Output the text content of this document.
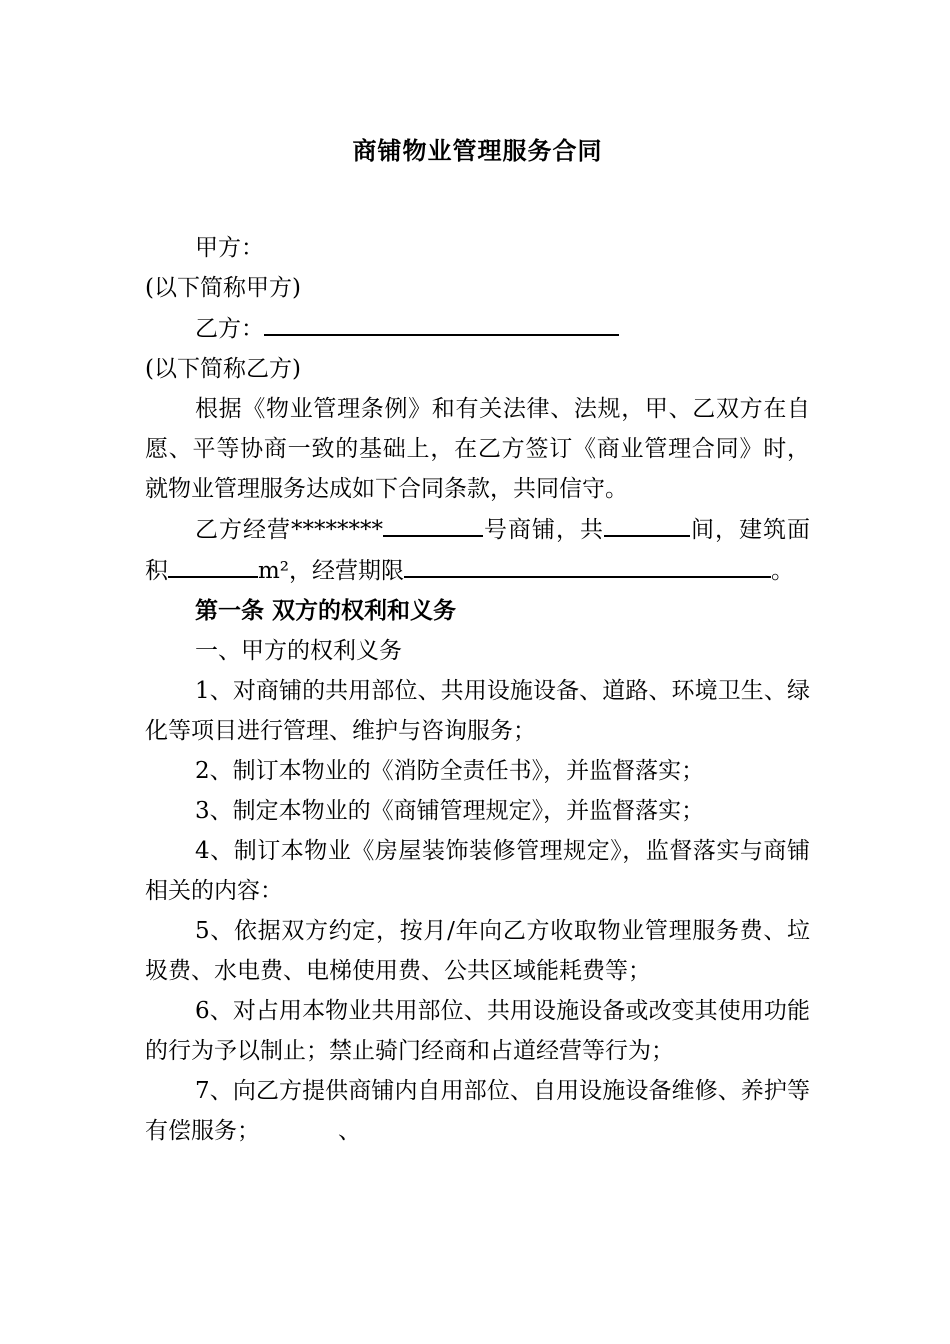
商铺物业管理服务合同

甲方：

(以下简称甲方)

乙方：

(以下简称乙方)

根据《物业管理条例》和有关法律、法规，甲、乙双方在自愿、平等协商一致的基础上，在乙方签订《商业管理合同》时，就物业管理服务达成如下合同条款，共同信守。

乙方经营********	号商铺，共	间，建筑面积	m²，经营期限	。

第一条 双方的权利和义务

一、甲方的权利义务

1、对商铺的共用部位、共用设施设备、道路、环境卫生、绿化等项目进行管理、维护与咨询服务；

2、制订本物业的《消防全责任书》，并监督落实；

3、制定本物业的《商铺管理规定》，并监督落实；

4、制订本物业《房屋装饰装修管理规定》，监督落实与商铺相关的内容：

5、依据双方约定，按月/年向乙方收取物业管理服务费、垃圾费、水电费、电梯使用费、公共区域能耗费等；

6、对占用本物业共用部位、共用设施设备或改变其使用功能的行为予以制止；禁止骑门经商和占道经营等行为；

7、向乙方提供商铺内自用部位、自用设施设备维修、养护等有偿服务；	、
